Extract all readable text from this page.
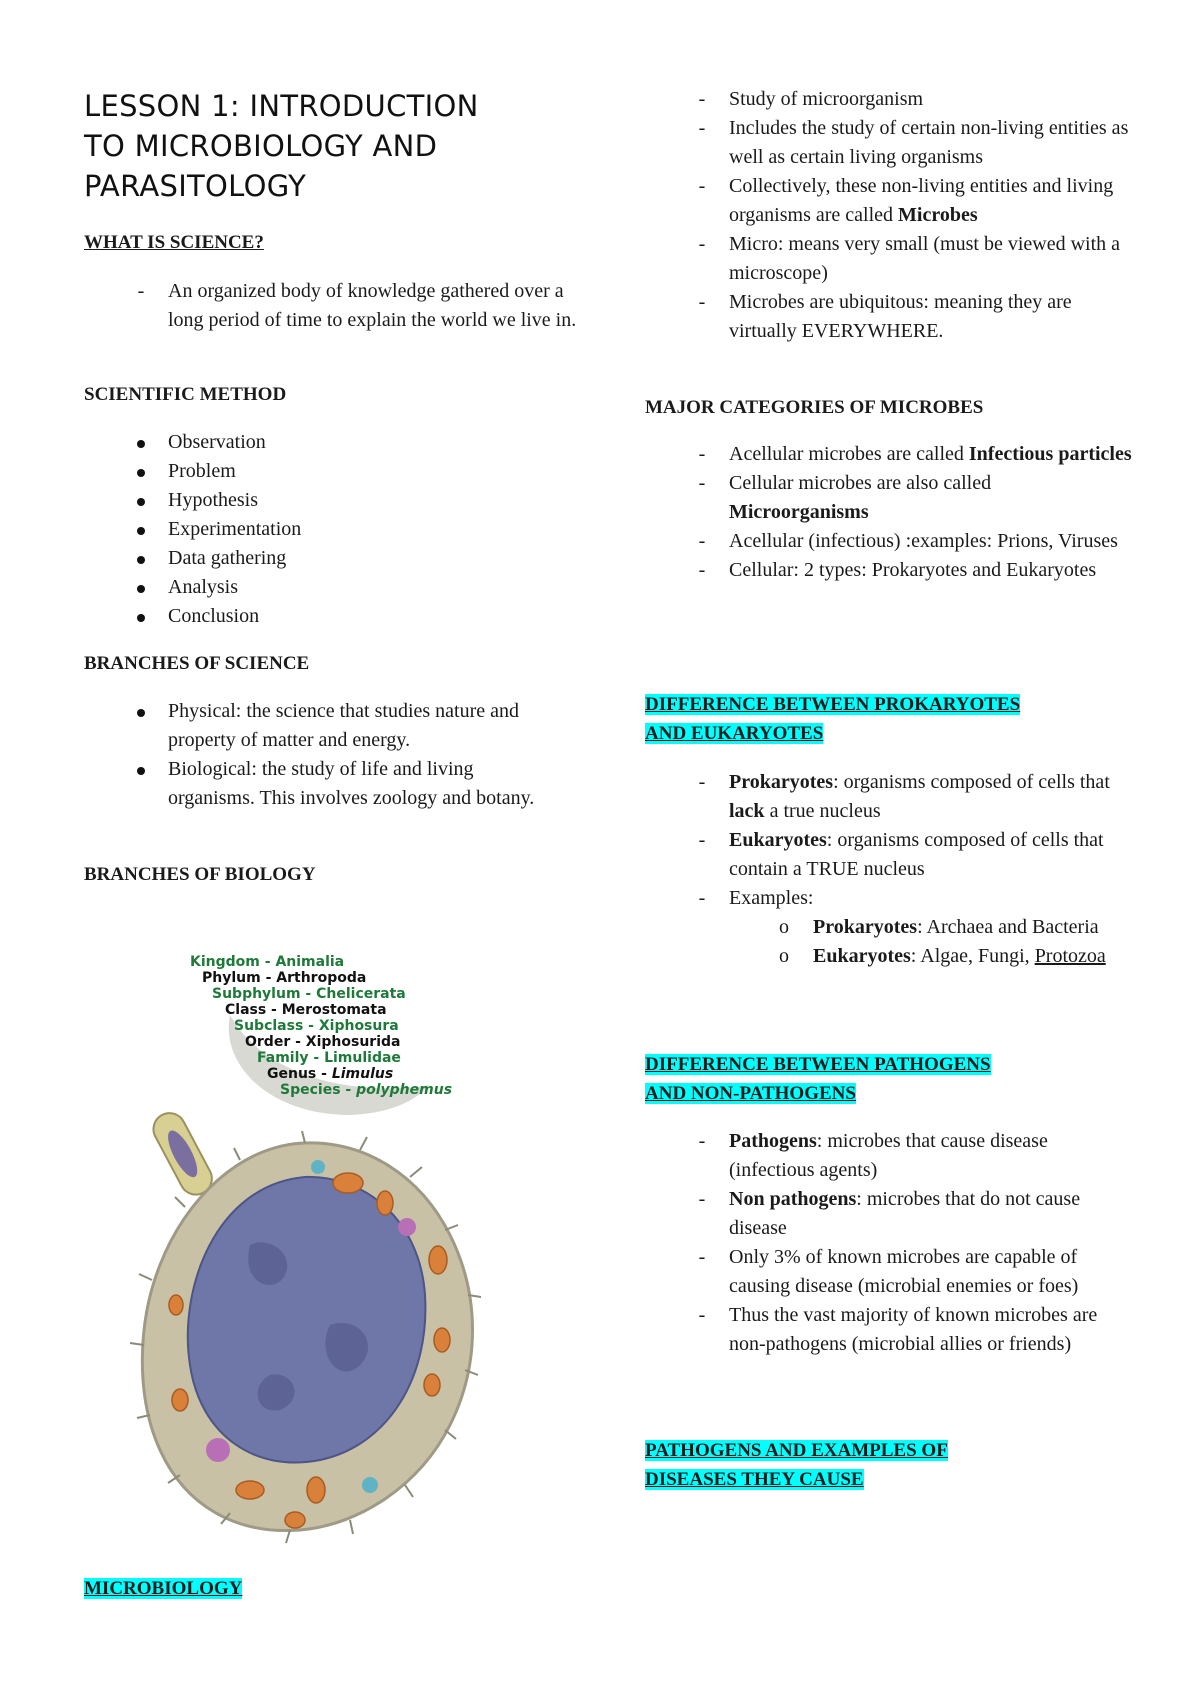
LESSON 1: INTRODUCTION
TO MICROBIOLOGY AND
PARASITOLOGY
WHAT IS SCIENCE?
-	An organized body of knowledge gathered over a long period of time to explain the world we live in.
SCIENTIFIC METHOD
Observation
Problem
Hypothesis
Experimentation
Data gathering
Analysis
Conclusion
BRANCHES OF SCIENCE
Physical: the science that studies nature and property of matter and energy.
Biological: the study of life and living organisms. This involves zoology and botany.
BRANCHES OF BIOLOGY
Kingdom - Animalia
Phylum - Arthropoda
Subphylum - Chelicerata
Class - Merostomata
Subclass - Xiphosura
Order - Xiphosurida
Family - Limulidae
Genus - Limulus
Species - polyphemus
MICROBIOLOGY
-	Study of microorganism
-	Includes the study of certain non-living entities as well as certain living organisms
-	Collectively, these non-living entities and living organisms are called Microbes
-	Micro: means very small (must be viewed with a microscope)
-	Microbes are ubiquitous: meaning they are virtually EVERYWHERE.
MAJOR CATEGORIES OF MICROBES
-	Acellular microbes are called Infectious particles
-	Cellular microbes are also called Microorganisms
-	Acellular (infectious) :examples: Prions, Viruses
-	Cellular: 2 types: Prokaryotes and Eukaryotes
DIFFERENCE BETWEEN PROKARYOTES
AND EUKARYOTES
-	Prokaryotes: organisms composed of cells that lack a true nucleus
-	Eukaryotes: organisms composed of cells that contain a TRUE nucleus
-	Examples:
o	Prokaryotes: Archaea and Bacteria
o	Eukaryotes: Algae, Fungi, Protozoa
DIFFERENCE BETWEEN PATHOGENS
AND NON-PATHOGENS
-	Pathogens: microbes that cause disease (infectious agents)
-	Non pathogens: microbes that do not cause disease
-	Only 3% of known microbes are capable of causing disease (microbial enemies or foes)
-	Thus the vast majority of known microbes are non-pathogens (microbial allies or friends)
PATHOGENS AND EXAMPLES OF
DISEASES THEY CAUSE
